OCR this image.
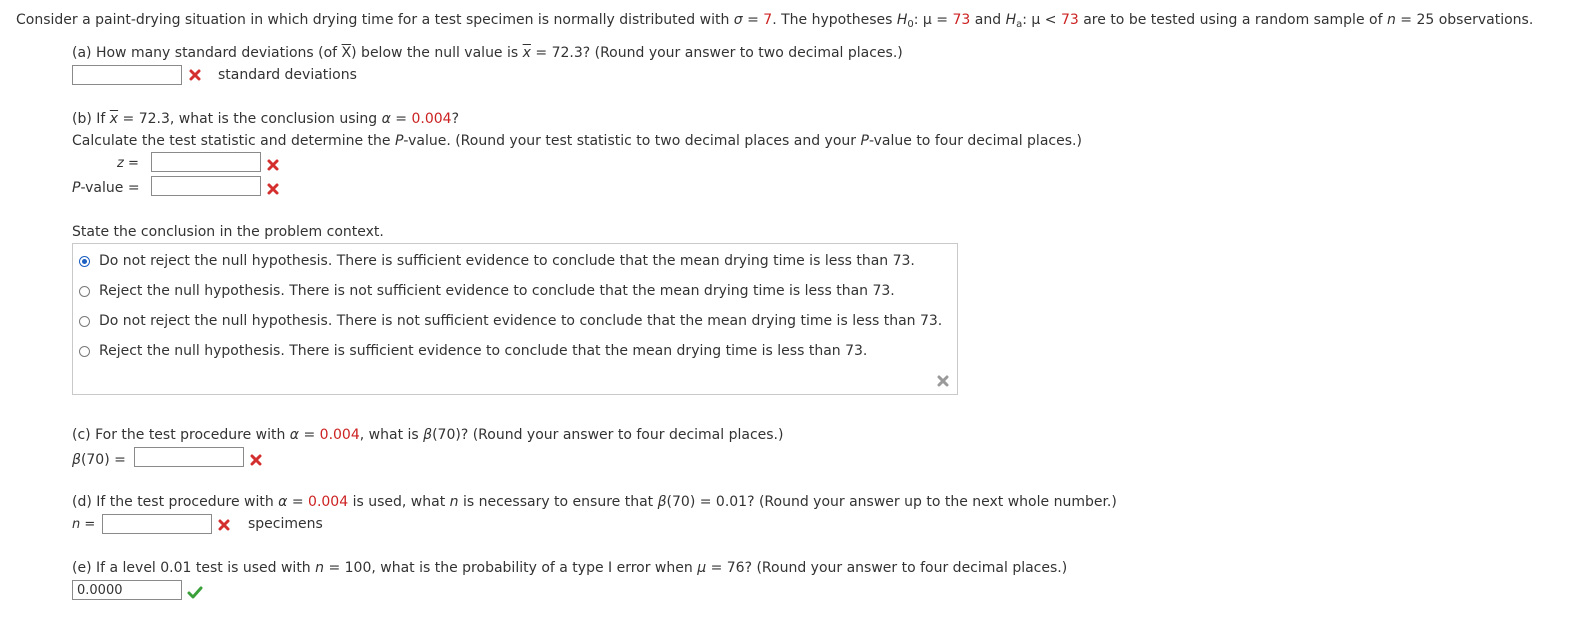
Consider a paint-drying situation in which drying time for a test specimen is normally distributed with σ = 7. The hypotheses $H_0$: μ = 73 and $H_a$: μ < 73 are to be tested using a random sample of n = 25 observations.
(a) How many standard deviations (of $\overline{X}$) below the null value is $\overline{x} = 72.3$? (Round your answer to two decimal places.)
standard deviations
(b) If $\overline{x} = 72.3$, what is the conclusion using α = 0.004?
Calculate the test statistic and determine the P-value. (Round your test statistic to two decimal places and your P-value to four decimal places.)
z =
P-value =
State the conclusion in the problem context.
Do not reject the null hypothesis. There is sufficient evidence to conclude that the mean drying time is less than 73.
Reject the null hypothesis. There is not sufficient evidence to conclude that the mean drying time is less than 73.
Do not reject the null hypothesis. There is not sufficient evidence to conclude that the mean drying time is less than 73.
Reject the null hypothesis. There is sufficient evidence to conclude that the mean drying time is less than 73.
(c) For the test procedure with α = 0.004, what is β(70)? (Round your answer to four decimal places.)
β(70) =
(d) If the test procedure with α = 0.004 is used, what n is necessary to ensure that β(70) = 0.01? (Round your answer up to the next whole number.)
n =	specimens
(e) If a level 0.01 test is used with n = 100, what is the probability of a type I error when μ = 76? (Round your answer to four decimal places.)
0.0000
